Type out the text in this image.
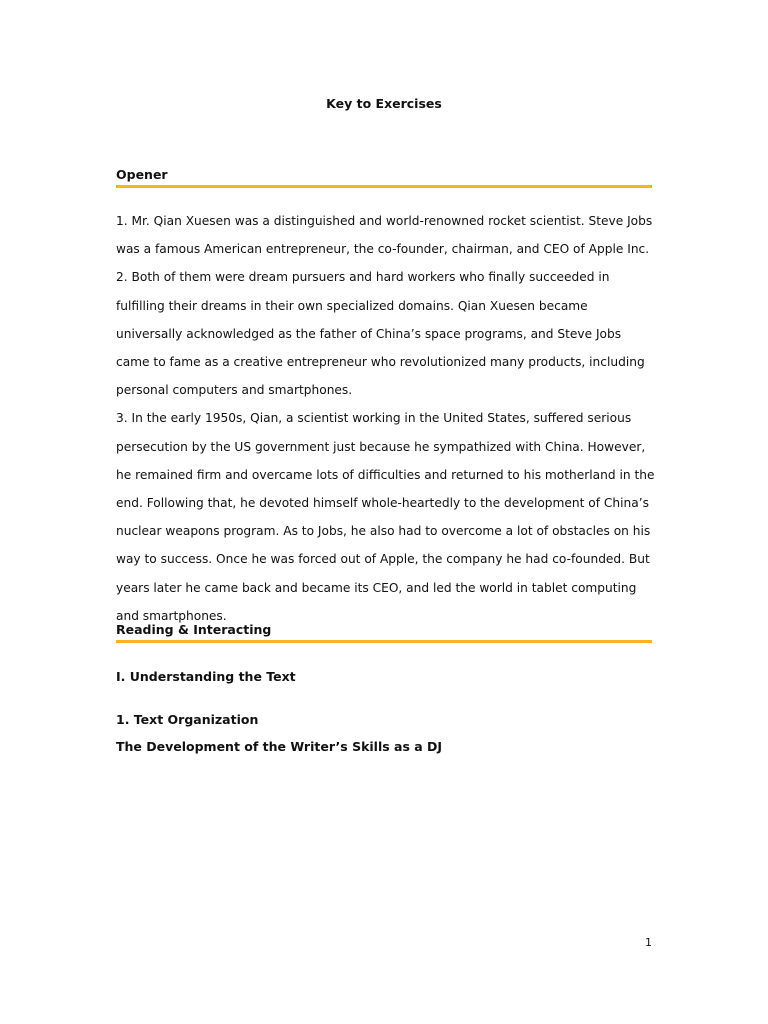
Key to Exercises
Opener

1. Mr. Qian Xuesen was a distinguished and world-renowned rocket scientist. Steve Jobs was a famous American entrepreneur, the co-founder, chairman, and CEO of Apple Inc.

2. Both of them were dream pursuers and hard workers who finally succeeded in fulfilling their dreams in their own specialized domains. Qian Xuesen became universally acknowledged as the father of China’s space programs, and Steve Jobs came to fame as a creative entrepreneur who revolutionized many products, including personal computers and smartphones.

3. In the early 1950s, Qian, a scientist working in the United States, suffered serious persecution by the US government just because he sympathized with China. However, he remained firm and overcame lots of difficulties and returned to his motherland in the end. Following that, he devoted himself whole-heartedly to the development of China’s nuclear weapons program. As to Jobs, he also had to overcome a lot of obstacles on his way to success. Once he was forced out of Apple, the company he had co-founded. But years later he came back and became its CEO, and led the world in tablet computing and smartphones.

Reading & Interacting
I. Understanding the Text
1. Text Organization
The Development of the Writer’s Skills as a DJ
1
